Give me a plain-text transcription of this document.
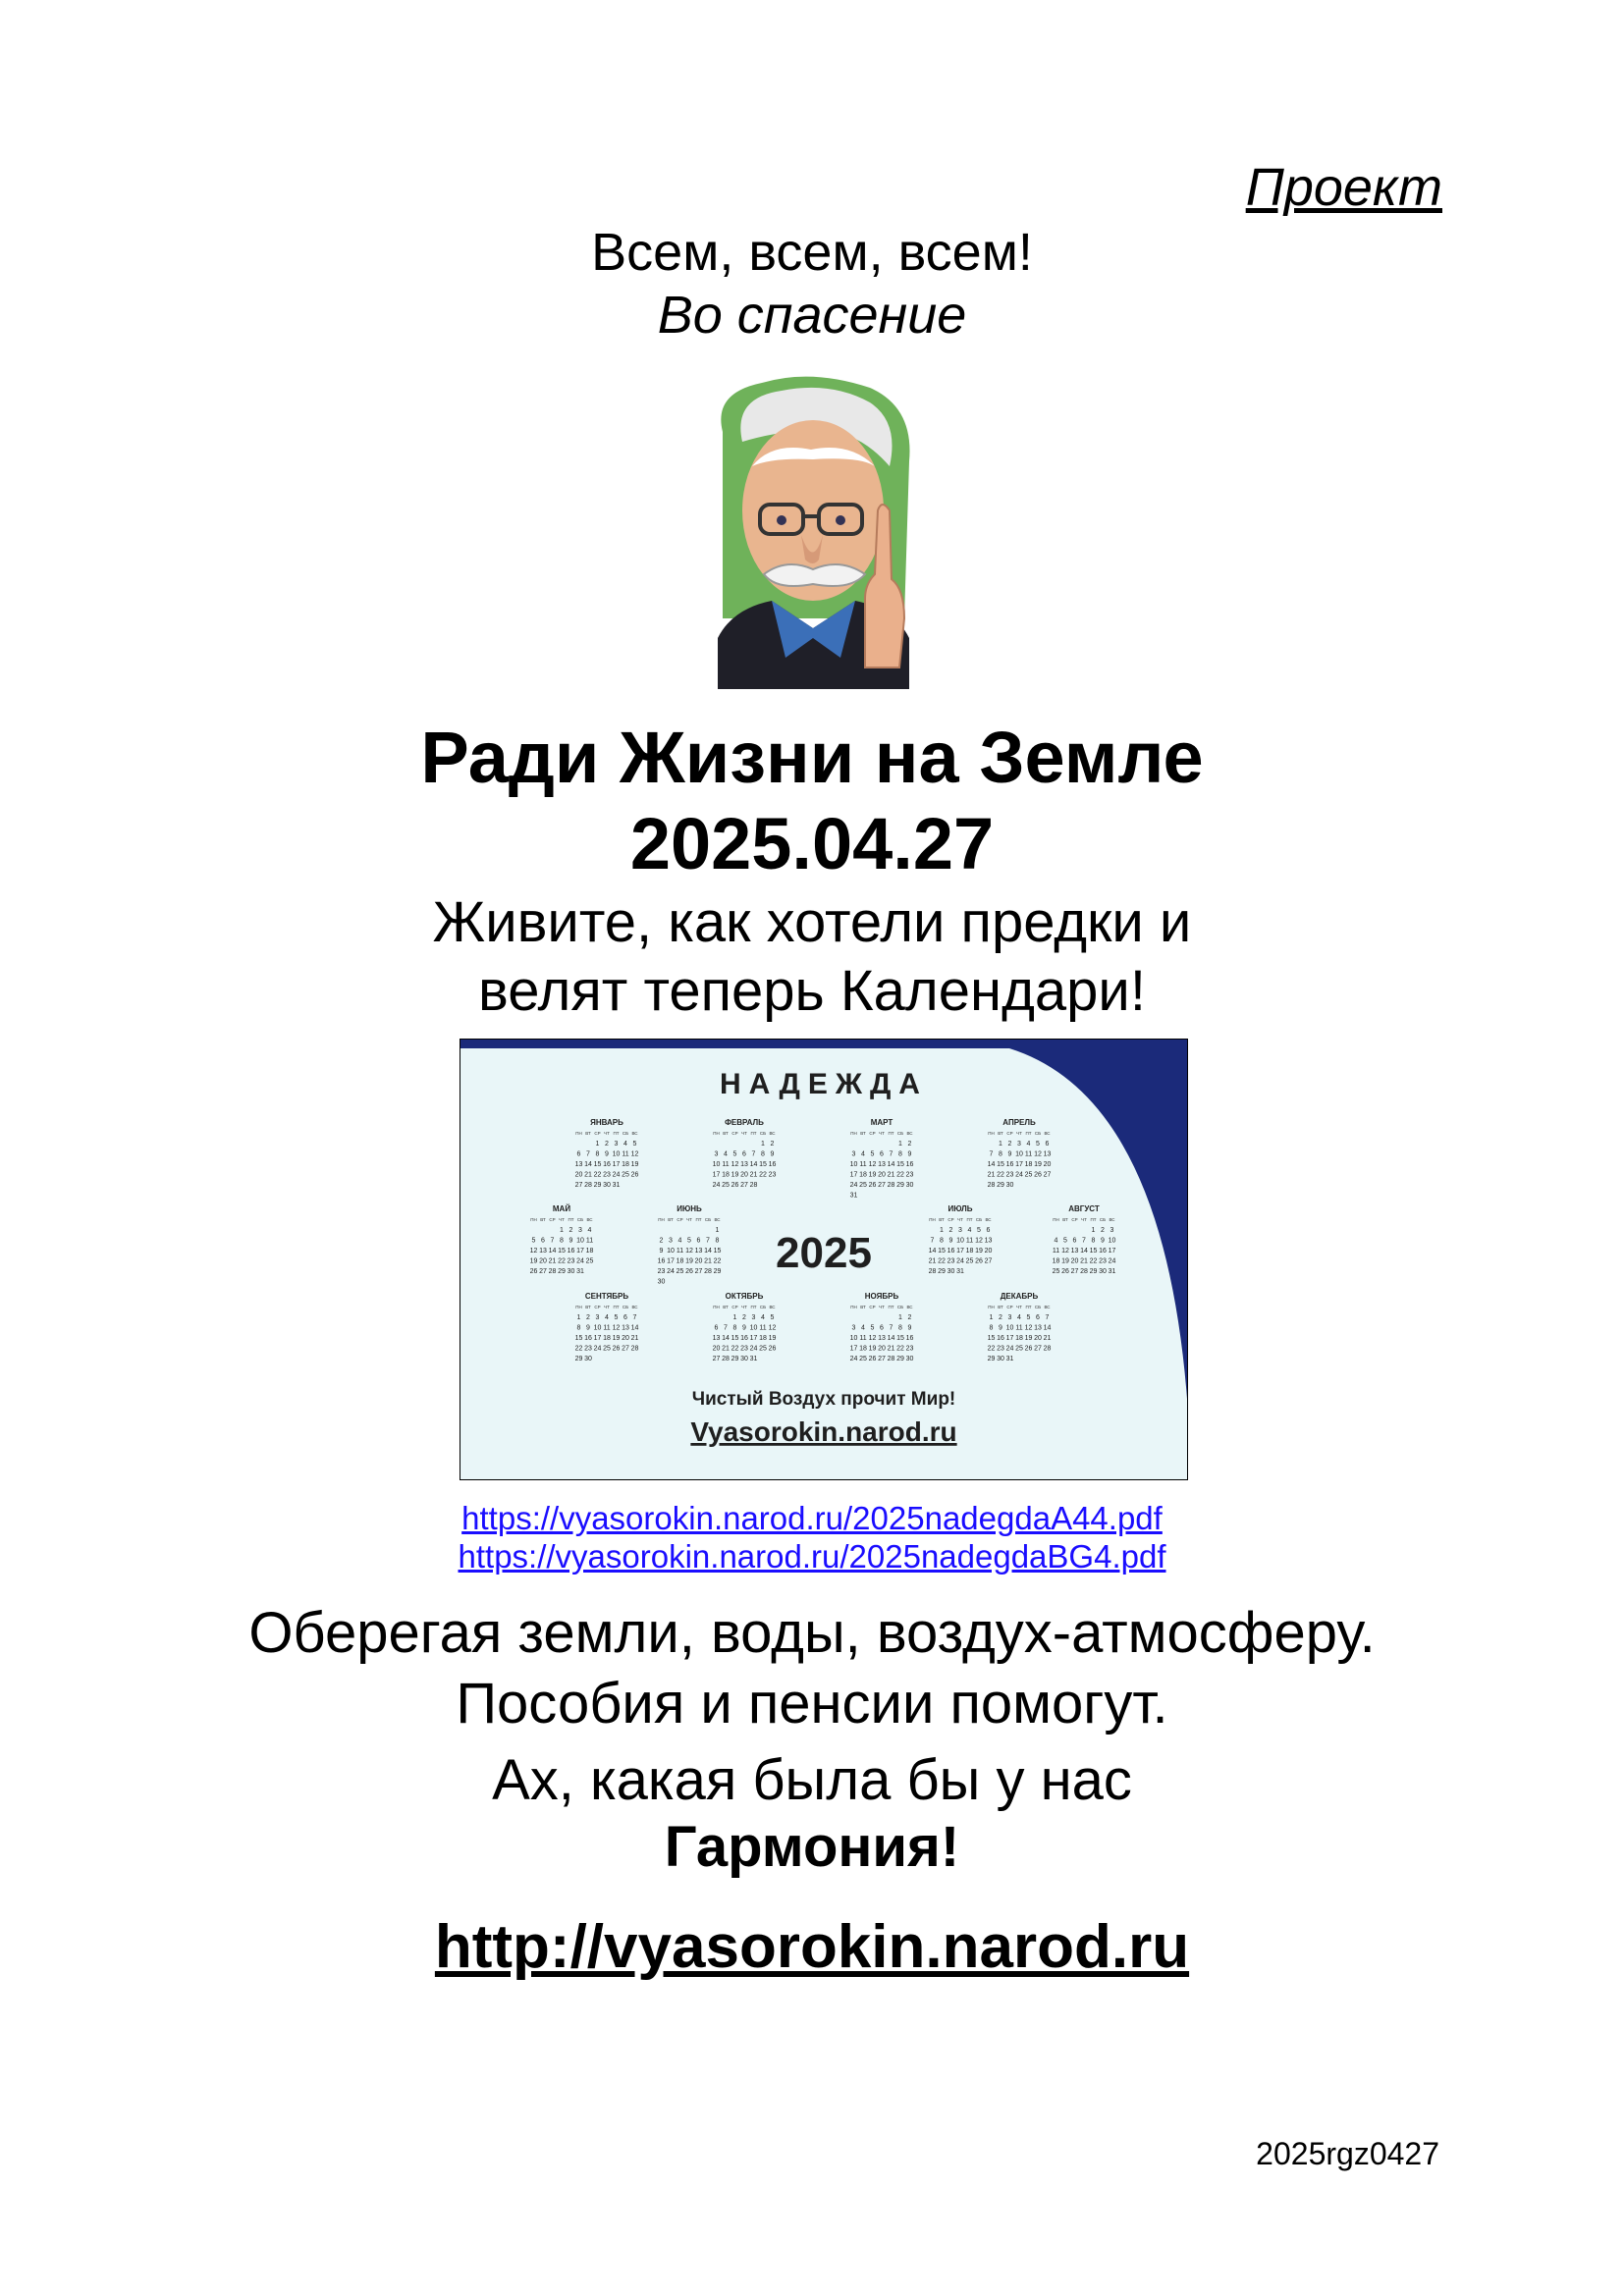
Проект
Всем, всем, всем!
Во спасение
Ради Жизни на Земле
2025.04.27
Живите, как хотели предки и
велят теперь Календари!
НАДЕЖДА
2025
ЯНВАРЬ
ПН ВТ СР ЧТ ПТ СБ ВС
1 2 3 4 5
6 7 8 9 10 11 12
13 14 15 16 17 18 19
20 21 22 23 24 25 26
27 28 29 30 31
ФЕВРАЛЬ
ПН ВТ СР ЧТ ПТ СБ ВС
1 2
3 4 5 6 7 8 9
10 11 12 13 14 15 16
17 18 19 20 21 22 23
24 25 26 27 28
МАРТ
ПН ВТ СР ЧТ ПТ СБ ВС
1 2
3 4 5 6 7 8 9
10 11 12 13 14 15 16
17 18 19 20 21 22 23
24 25 26 27 28 29 30
31
АПРЕЛЬ
ПН ВТ СР ЧТ ПТ СБ ВС
1 2 3 4 5 6
7 8 9 10 11 12 13
14 15 16 17 18 19 20
21 22 23 24 25 26 27
28 29 30
МАЙ
ПН ВТ СР ЧТ ПТ СБ ВС
1 2 3 4
5 6 7 8 9 10 11
12 13 14 15 16 17 18
19 20 21 22 23 24 25
26 27 28 29 30 31
ИЮНЬ
ПН ВТ СР ЧТ ПТ СБ ВС
1
2 3 4 5 6 7 8
9 10 11 12 13 14 15
16 17 18 19 20 21 22
23 24 25 26 27 28 29
30
ИЮЛЬ
ПН ВТ СР ЧТ ПТ СБ ВС
1 2 3 4 5 6
7 8 9 10 11 12 13
14 15 16 17 18 19 20
21 22 23 24 25 26 27
28 29 30 31
АВГУСТ
ПН ВТ СР ЧТ ПТ СБ ВС
1 2 3
4 5 6 7 8 9 10
11 12 13 14 15 16 17
18 19 20 21 22 23 24
25 26 27 28 29 30 31
СЕНТЯБРЬ
ПН ВТ СР ЧТ ПТ СБ ВС
1 2 3 4 5 6 7
8 9 10 11 12 13 14
15 16 17 18 19 20 21
22 23 24 25 26 27 28
29 30
ОКТЯБРЬ
ПН ВТ СР ЧТ ПТ СБ ВС
1 2 3 4 5
6 7 8 9 10 11 12
13 14 15 16 17 18 19
20 21 22 23 24 25 26
27 28 29 30 31
НОЯБРЬ
ПН ВТ СР ЧТ ПТ СБ ВС
1 2
3 4 5 6 7 8 9
10 11 12 13 14 15 16
17 18 19 20 21 22 23
24 25 26 27 28 29 30
ДЕКАБРЬ
ПН ВТ СР ЧТ ПТ СБ ВС
1 2 3 4 5 6 7
8 9 10 11 12 13 14
15 16 17 18 19 20 21
22 23 24 25 26 27 28
29 30 31
Чистый Воздух прочит Мир!
Vyasorokin.narod.ru
https://vyasorokin.narod.ru/2025nadegdaA44.pdf
https://vyasorokin.narod.ru/2025nadegdaBG4.pdf
Оберегая земли, воды, воздух-атмосферу.
Пособия и пенсии помогут.
Ах, какая была бы у нас
Гармония!
http://vyasorokin.narod.ru
2025rgz0427
